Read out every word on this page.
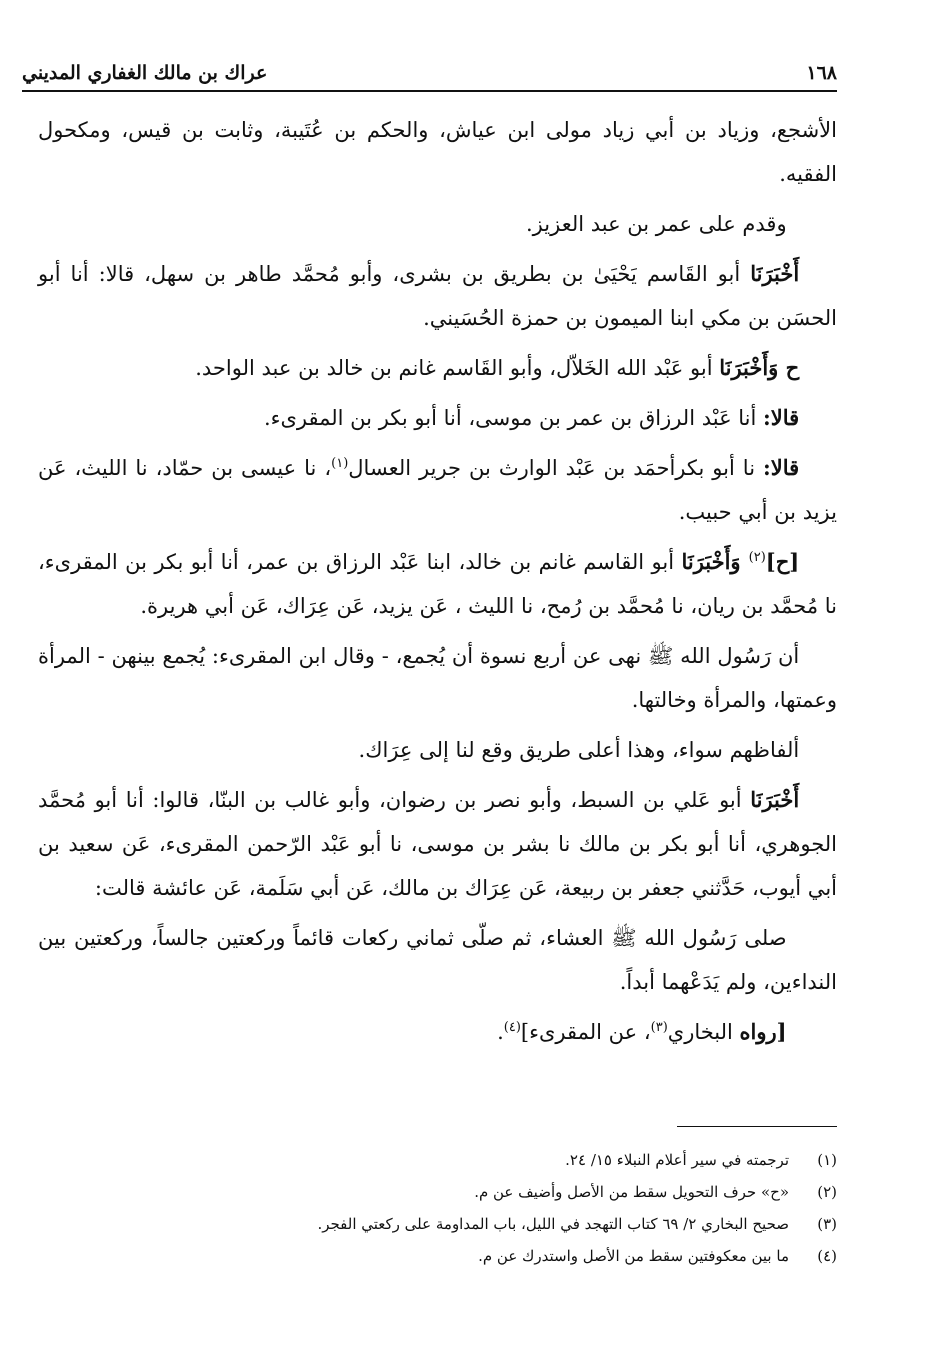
عراك بن مالك الغفاري المديني	١٦٨

الأشجع، وزياد بن أبي زياد مولى ابن عياش، والحكم بن عُتَيبة، وثابت بن قيس، ومكحول الفقيه.

وقدم على عمر بن عبد العزيز.

أَخْبَرَنَا أبو القَاسم يَحْيَىٰ بن بطريق بن بشرى، وأبو مُحمَّد طاهر بن سهل، قالا: أنا أبو الحسَن بن مكي ابنا الميمون بن حمزة الحُسَيني.

ح وَأَخْبَرَنَا أبو عَبْد الله الخَلاّل، وأبو القَاسم غانم بن خالد بن عبد الواحد.

قالا: أنا عَبْد الرزاق بن عمر بن موسى، أنا أبو بكر بن المقرىء.

قالا: نا أبو بكرأحمَد بن عَبْد الوارث بن جرير العسال$^{(١)}$، نا عيسى بن حمّاد، نا الليث، عَن يزيد بن أبي حبيب.

[ح]$^{(٢)}$ وَأَخْبَرَنَا أبو القاسم غانم بن خالد، ابنا عَبْد الرزاق بن عمر، أنا أبو بكر بن المقرىء، نا مُحمَّد بن ريان، نا مُحمَّد بن رُمح، نا الليث ، عَن يزيد، عَن عِرَاك، عَن أبي هريرة.

أن رَسُول الله ﷺ نهى عن أربع نسوة أن يُجمع، - وقال ابن المقرىء: يُجمع بينهن - المرأة وعمتها، والمرأة وخالتها.

ألفاظهم سواء، وهذا أعلى طريق وقع لنا إلى عِرَاك.

أَخْبَرَنَا أبو عَلي بن السبط، وأبو نصر بن رضوان، وأبو غالب بن البنّا، قالوا: أنا أبو مُحمَّد الجوهري، أنا أبو بكر بن مالك نا بشر بن موسى، نا أبو عَبْد الرّحمن المقرىء، عَن سعيد بن أبي أيوب، حَدَّثني جعفر بن ربيعة، عَن عِرَاك بن مالك، عَن أبي سَلَمة، عَن عائشة قالت:

صلى رَسُول الله ﷺ العشاء، ثم صلّى ثماني ركعات قائماً وركعتين جالساً، وركعتين بين النداءين، ولم يَدَعْهما أبداً.

[رواه البخاري$^{(٣)}$، عن المقرىء]$^{(٤)}$.

(١)
ترجمته في سير أعلام النبلاء ١٥/ ٢٤.
(٢)
«ح» حرف التحويل سقط من الأصل وأضيف عن م.
(٣)
صحيح البخاري ٢/ ٦٩ كتاب التهجد في الليل، باب المداومة على ركعتي الفجر.
(٤)
ما بين معكوفتين سقط من الأصل واستدرك عن م.
